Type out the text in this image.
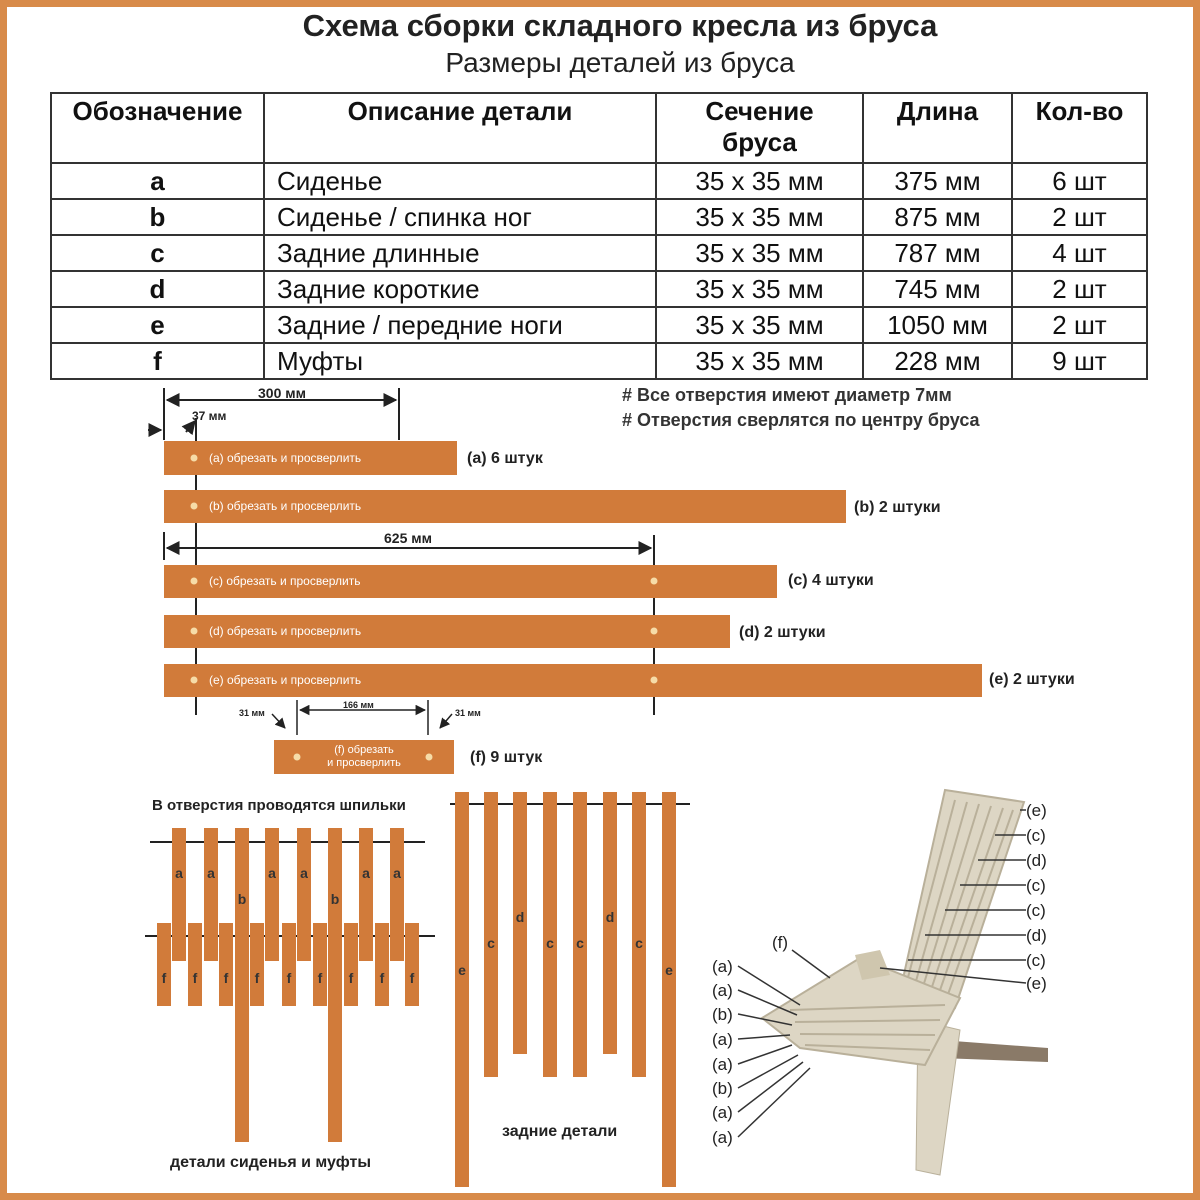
Схема сборки складного кресла из бруса
Размеры деталей из бруса
Обозначение	Описание детали	Сечение бруса	Длина	Кол-во
a	Сиденье	35 х 35 мм	375 мм	6 шт
b	Сиденье / спинка ног	35 х 35 мм	875 мм	2 шт
c	Задние длинные	35 х 35 мм	787 мм	4 шт
d	Задние короткие	35 х 35 мм	745 мм	2 шт
e	Задние / передние ноги	35 х 35 мм	1050 мм	2 шт
f	Муфты	35 х 35 мм	228 мм	9 шт
# Все отверстия имеют диаметр 7мм
# Отверстия сверлятся по центру бруса
300 мм
37 мм
625 мм
(a) обрезать и просверлить	(a) 6 штук
(b) обрезать и просверлить	(b) 2 штуки
(c) обрезать и просверлить	(c) 4 штуки
(d) обрезать и просверлить	(d) 2 штуки
(e) обрезать и просверлить	(e) 2 штуки
31 мм
166 мм
31 мм
(f) обрезать
и просверлить	(f) 9 штук
В отверстия проводятся шпильки
a a
b
a a
b
a a
f f f f f f f f f
детали сиденья и муфты
e
c
d
c c
d
c
e
задние детали
(e)
(c)
(d)
(c)
(c)
(d)
(c)
(e)
(f)
(a)
(a)
(b)
(a)
(a)
(b)
(a)
(a)
